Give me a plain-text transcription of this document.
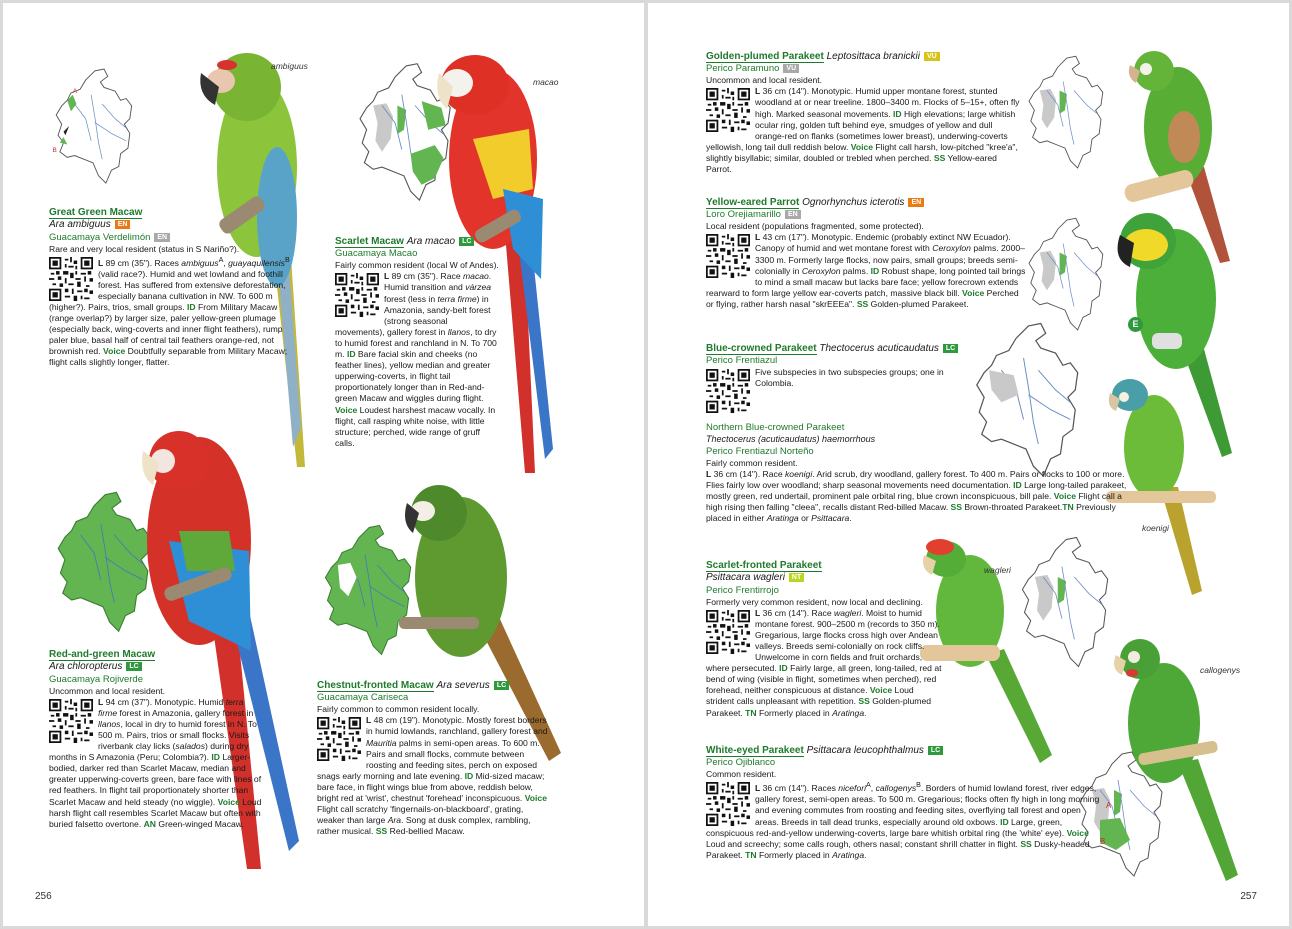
A
B
ambiguus
macao
Great Green Macaw
Ara ambiguus EN
Guacamaya Verdelimón EN

Rare and very local resident (status in S Nariño?).

L 89 cm (35"). Races ambiguus$^A$, guayaquilensis$^B$ (valid race?). Humid and wet lowland and foothill forest. Has suffered from extensive deforestation, especially banana cultivation in NW. To 600 m (higher?). Pairs, trios, small groups. ID From Military Macaw (range overlap?) by larger size, paler yellow-green plumage (especially back, wing-coverts and inner flight feathers), rump paler blue, basal half of central tail feathers orange-red, not brownish red. Voice Doubtfully separable from Military Macaw; flight calls slightly longer, flatter.

Scarlet Macaw Ara macao LC
Guacamaya Macao

Fairly common resident (local W of Andes).

L 89 cm (35"). Race macao. Humid transition and várzea forest (less in terra firme) in Amazonia, sandy-belt forest (strong seasonal movements), gallery forest in llanos, to dry to humid forest and ranchland in N. To 700 m. ID Bare facial skin and cheeks (no feather lines), yellow median and greater upperwing-coverts, in flight tail proportionately longer than in Red-and-green Macaw and wiggles during flight. Voice Loudest harshest macaw vocally. In flight, call rasping white noise, with little structure; perched, wide range of gruff calls.

Red-and-green Macaw
Ara chloropterus LC
Guacamaya Rojiverde

Uncommon and local resident.

L 94 cm (37"). Monotypic. Humid terra firme forest in Amazonia, gallery forest in llanos, local in dry to humid forest in N. To 500 m. Pairs, trios or small flocks. Visits riverbank clay licks (salados) during dry months in S Amazonia (Peru; Colombia?). ID Larger-bodied, darker red than Scarlet Macaw, median and greater upperwing-coverts green, bare face with lines of red feathers. In flight tail proportionately shorter than Scarlet Macaw and held steady (no wiggle). Voice Loud harsh flight call resembles Scarlet Macaw but often with buried falsetto overtone. AN Green-winged Macaw.

Chestnut-fronted Macaw Ara severus LC
Guacamaya Cariseca

Fairly common to common resident locally.

L 48 cm (19"). Monotypic. Mostly forest borders in humid lowlands, ranchland, gallery forest and Mauritia palms in semi-open areas. To 600 m. Pairs and small flocks, commute between roosting and feeding sites, perch on exposed snags early morning and late evening. ID Mid-sized macaw; bare face, in flight wings blue from above, reddish below, bright red at 'wrist', chestnut 'forehead' inconspicuous. Voice Flight call scratchy 'fingernails-on-blackboard', grating, weaker than large Ara. Song at dusk complex, rambling, rather musical. SS Red-bellied Macaw.

256
A
B
E
koenigi
wagleri
callogenys
Golden-plumed Parakeet Leptosittaca branickii VU
Perico Paramuno VU

Uncommon and local resident.

L 36 cm (14"). Monotypic. Humid upper montane forest, stunted woodland at or near treeline. 1800–3400 m. Flocks of 5–15+, often fly high. Marked seasonal movements. ID High elevations; large whitish ocular ring, golden tuft behind eye, smudges of yellow and dull orange-red on flanks (sometimes lower breast), underwing-coverts yellowish, long tail dull reddish below. Voice Flight call harsh, low-pitched "kree'a", slightly bisyllabic; similar, doubled or trebled when perched. SS Yellow-eared Parrot.

Yellow-eared Parrot Ognorhynchus icterotis EN
Loro Orejiamarillo EN

Local resident (populations fragmented, some protected).

L 43 cm (17"). Monotypic. Endemic (probably extinct NW Ecuador). Canopy of humid and wet montane forest with Ceroxylon palms. 2000–3300 m. Formerly large flocks, now pairs, small groups; breeds semi-colonially in Ceroxylon palms. ID Robust shape, long pointed tail brings to mind a small macaw but lacks bare face; yellow forecrown extends rearward to form large yellow ear-coverts patch, massive black bill. Voice Perched or flying, rather harsh nasal "skrEEEa". SS Golden-plumed Parakeet.

Blue-crowned Parakeet Thectocerus acuticaudatus LC
Perico Frentiazul

Five subspecies in two subspecies groups; one in Colombia.

Northern Blue-crowned Parakeet
Thectocerus (acuticaudatus) haemorrhous
Perico Frentiazul Norteño

Fairly common resident.

L 36 cm (14"). Race koenigi. Arid scrub, dry woodland, gallery forest. To 400 m. Pairs or flocks to 100 or more. Flies fairly low over woodland; sharp seasonal movements need documentation. ID Large long-tailed parakeet, mostly green, red undertail, prominent pale orbital ring, blue crown inconspicuous, bill pale. Voice Flight call a high rising then falling "cleea", recalls distant Red-billed Macaw. SS Brown-throated Parakeet.TN Previously placed in either Aratinga or Psittacara.

Scarlet-fronted Parakeet
Psittacara wagleri NT
Perico Frentirrojo

Formerly very common resident, now local and declining.

L 36 cm (14"). Race wagleri. Moist to humid montane forest. 900–2500 m (records to 350 m). Gregarious, large flocks cross high over Andean valleys. Breeds semi-colonially on rock cliffs. Unwelcome in corn fields and fruit orchards, where persecuted. ID Fairly large, all green, long-tailed, red at bend of wing (visible in flight, sometimes when perched), red forehead, neither conspicuous at distance. Voice Loud strident calls unpleasant with repetition. SS Golden-plumed Parakeet. TN Formerly placed in Aratinga.

White-eyed Parakeet Psittacara leucophthalmus LC
Perico Ojiblanco

Common resident.

L 36 cm (14"). Races nicefori$^A$, callogenys$^B$. Borders of humid lowland forest, river edges, gallery forest, semi-open areas. To 500 m. Gregarious; flocks often fly high in long morning and evening commutes from roosting and feeding sites, overflying tall forest and open areas. Breeds in tall dead trunks, especially around old oxbows. ID Large, green, conspicuous red-and-yellow underwing-coverts, large bare whitish orbital ring (the 'white' eye). Voice Loud and screechy; some calls rough, others nasal; constant shrill chatter in flight. SS Dusky-headed Parakeet. TN Formerly placed in Aratinga.

257
